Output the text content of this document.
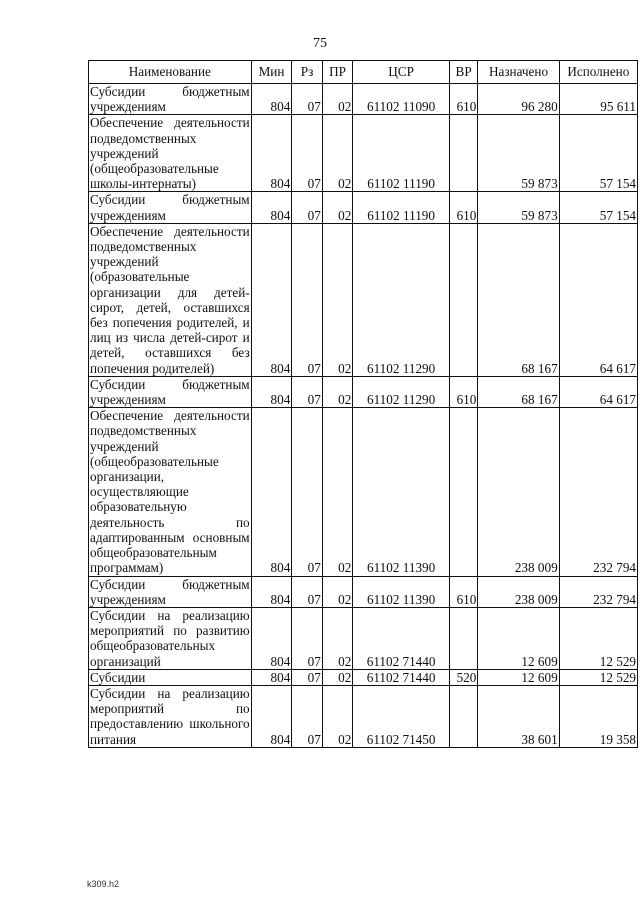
75
Наименование	Мин	Рз	ПР	ЦСР	ВР	Назначено	Исполнено
Субсидии бюджетным учреждениям	804	07	02	61102 11090	610	96 280	95 611
Обеспечение деятельности подведомственных учреждений (общеобразовательные школы-интернаты)	804	07	02	61102 11190		59 873	57 154
Субсидии бюджетным учреждениям	804	07	02	61102 11190	610	59 873	57 154
Обеспечение деятельности подведомственных учреждений (образовательные организации для детей-сирот, детей, оставшихся без попечения родителей, и лиц из числа детей-сирот и детей, оставшихся без попечения родителей)	804	07	02	61102 11290		68 167	64 617
Субсидии бюджетным учреждениям	804	07	02	61102 11290	610	68 167	64 617
Обеспечение деятельности подведомственных учреждений (общеобразовательные организации, осуществляющие образовательную деятельность по адаптированным основным общеобразовательным программам)	804	07	02	61102 11390		238 009	232 794
Субсидии бюджетным учреждениям	804	07	02	61102 11390	610	238 009	232 794
Субсидии на реализацию мероприятий по развитию общеобразовательных организаций	804	07	02	61102 71440		12 609	12 529
Субсидии	804	07	02	61102 71440	520	12 609	12 529
Субсидии на реализацию мероприятий по предоставлению школьного питания	804	07	02	61102 71450		38 601	19 358
k309.h2
